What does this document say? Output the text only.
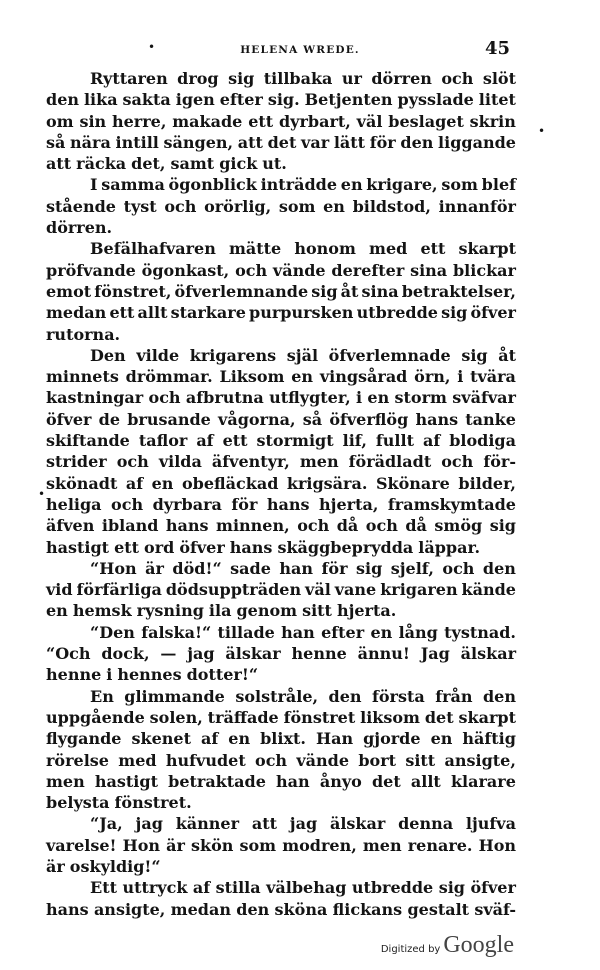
•	HELENA WREDE.	45
Ryttaren drog sig tillbaka ur dörren och slöt
den lika sakta igen efter sig. Betjenten pysslade litet
om sin herre, makade ett dyrbart, väl beslaget skrin
så nära intill sängen, att det var lätt för den liggande
att räcka det, samt gick ut.
I samma ögonblick inträdde en krigare, som blef
stående tyst och orörlig, som en bildstod, innanför
dörren.
Befälhafvaren mätte honom med ett skarpt
pröfvande ögonkast, och vände derefter sina blickar
emot fönstret, öfverlemnande sig åt sina betraktelser,
medan ett allt starkare purpursken utbredde sig öfver
rutorna.
Den vilde krigarens själ öfverlemnade sig åt
minnets drömmar. Liksom en vingsårad örn, i tvära
kastningar och afbrutna utflygter, i en storm sväfvar
öfver de brusande vågorna, så öfverflög hans tanke
skiftande taflor af ett stormigt lif, fullt af blodiga
strider och vilda äfventyr, men förädladt och för-
skönadt af en obefläckad krigsära. Skönare bilder,
heliga och dyrbara för hans hjerta, framskymtade
äfven ibland hans minnen, och då och då smög sig
hastigt ett ord öfver hans skäggbeprydda läppar.
“Hon är död!“ sade han för sig sjelf, och den
vid förfärliga dödsuppträden väl vane krigaren kände
en hemsk rysning ila genom sitt hjerta.
“Den falska!“ tillade han efter en lång tystnad.
“Och dock, — jag älskar henne ännu! Jag älskar
henne i hennes dotter!“
En glimmande solstråle, den första från den
uppgående solen, träffade fönstret liksom det skarpt
flygande skenet af en blixt. Han gjorde en häftig
rörelse med hufvudet och vände bort sitt ansigte,
men hastigt betraktade han ånyo det allt klarare
belysta fönstret.
“Ja, jag känner att jag älskar denna ljufva
varelse! Hon är skön som modren, men renare. Hon
är oskyldig!“
Ett uttryck af stilla välbehag utbredde sig öfver
hans ansigte, medan den sköna flickans gestalt sväf-
•
•
Digitized by Google
